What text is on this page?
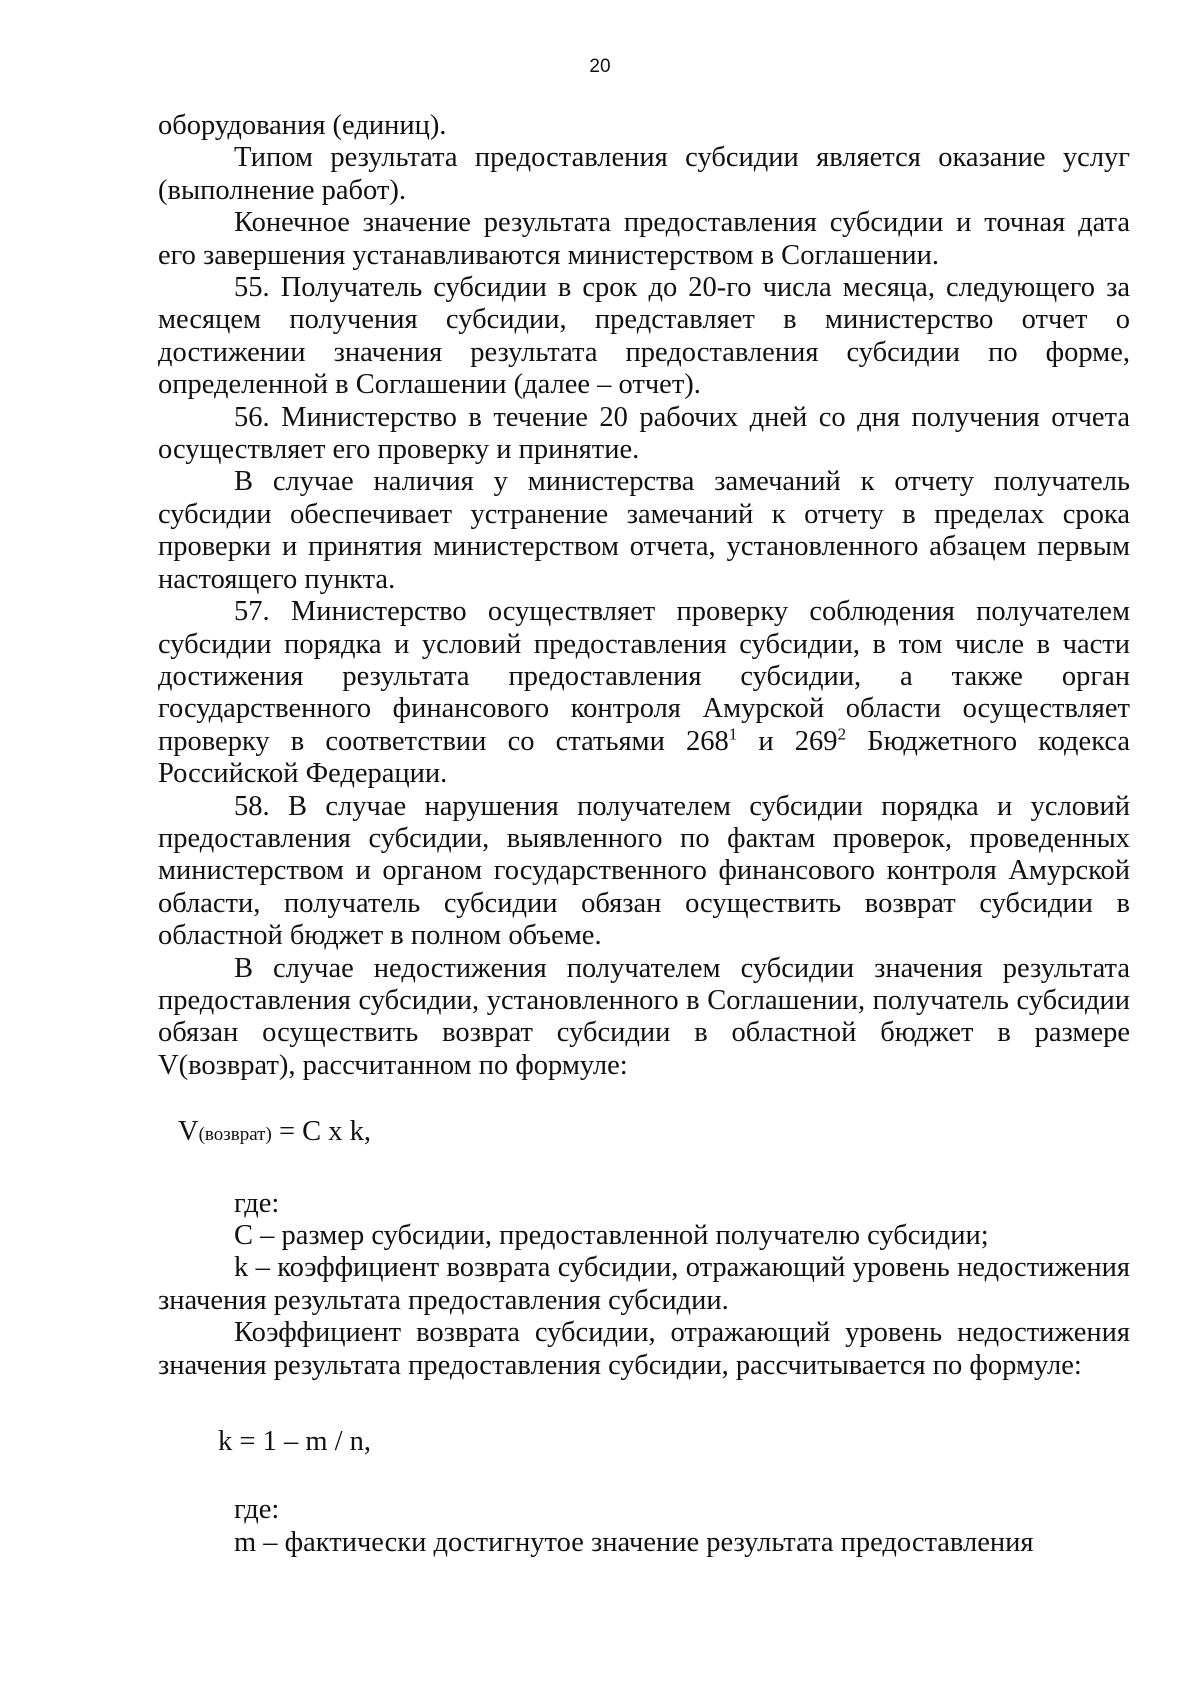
20

оборудования (единиц).

Типом результата предоставления субсидии является оказание услуг (выполнение работ).

Конечное значение результата предоставления субсидии и точная дата его завершения устанавливаются министерством в Соглашении.

55. Получатель субсидии в срок до 20-го числа месяца, следующего за месяцем получения субсидии, представляет в министерство отчет о достижении значения результата предоставления субсидии по форме, определенной в Соглашении (далее – отчет).

56. Министерство в течение 20 рабочих дней со дня получения отчета осуществляет его проверку и принятие.

В случае наличия у министерства замечаний к отчету получатель субсидии обеспечивает устранение замечаний к отчету в пределах срока проверки и принятия министерством отчета, установленного абзацем первым настоящего пункта.

57. Министерство осуществляет проверку соблюдения получателем субсидии порядка и условий предоставления субсидии, в том числе в части достижения результата предоставления субсидии, а также орган государственного финансового контроля Амурской области осуществляет проверку в соответствии со статьями $268^1$ и $269^2$ Бюджетного кодекса Российской Федерации.

58. В случае нарушения получателем субсидии порядка и условий предоставления субсидии, выявленного по фактам проверок, проведенных министерством и органом государственного финансового контроля Амурской области, получатель субсидии обязан осуществить возврат субсидии в областной бюджет в полном объеме.

В случае недостижения получателем субсидии значения результата предоставления субсидии, установленного в Соглашении, получатель субсидии обязан осуществить возврат субсидии в областной бюджет в размере V(возврат), рассчитанном по формуле:

V(возврат) = C x k,

где:

C – размер субсидии, предоставленной получателю субсидии;

k – коэффициент возврата субсидии, отражающий уровень недостижения значения результата предоставления субсидии.

Коэффициент возврата субсидии, отражающий уровень недостижения значения результата предоставления субсидии, рассчитывается по формуле:

k = 1 – m / n,

где:

m – фактически достигнутое значение результата предоставления
